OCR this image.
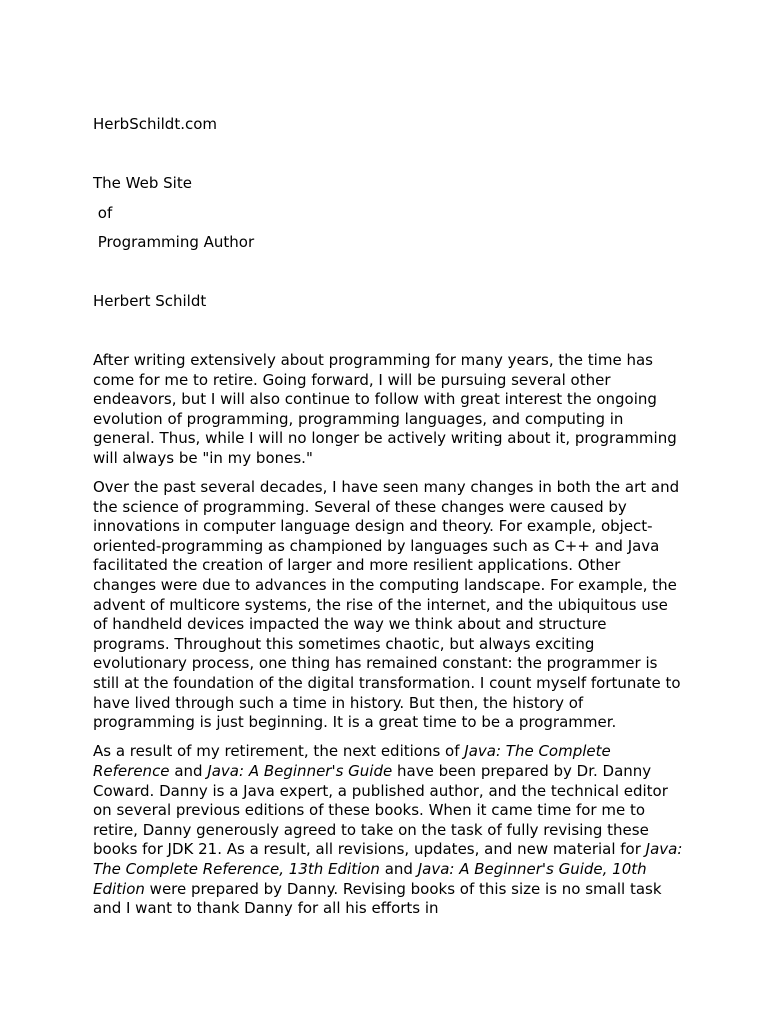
HerbSchildt.com

The Web Site

of

Programming Author

Herbert Schildt

After writing extensively about programming for many years, the time has come for me to retire. Going forward, I will be pursuing several other endeavors, but I will also continue to follow with great interest the ongoing evolution of programming, programming languages, and computing in general. Thus, while I will no longer be actively writing about it, programming will always be "in my bones."

Over the past several decades, I have seen many changes in both the art and the science of programming. Several of these changes were caused by innovations in computer language design and theory. For example, object-oriented-programming as championed by languages such as C++ and Java facilitated the creation of larger and more resilient applications. Other changes were due to advances in the computing landscape. For example, the advent of multicore systems, the rise of the internet, and the ubiquitous use of handheld devices impacted the way we think about and structure programs. Throughout this sometimes chaotic, but always exciting evolutionary process, one thing has remained constant: the programmer is still at the foundation of the digital transformation. I count myself fortunate to have lived through such a time in history. But then, the history of programming is just beginning. It is a great time to be a programmer.

As a result of my retirement, the next editions of Java: The Complete Reference and Java: A Beginner's Guide have been prepared by Dr. Danny Coward. Danny is a Java expert, a published author, and the technical editor on several previous editions of these books. When it came time for me to retire, Danny generously agreed to take on the task of fully revising these books for JDK 21. As a result, all revisions, updates, and new material for Java: The Complete Reference, 13th Edition and Java: A Beginner's Guide, 10th Edition were prepared by Danny. Revising books of this size is no small task and I want to thank Danny for all his efforts in
